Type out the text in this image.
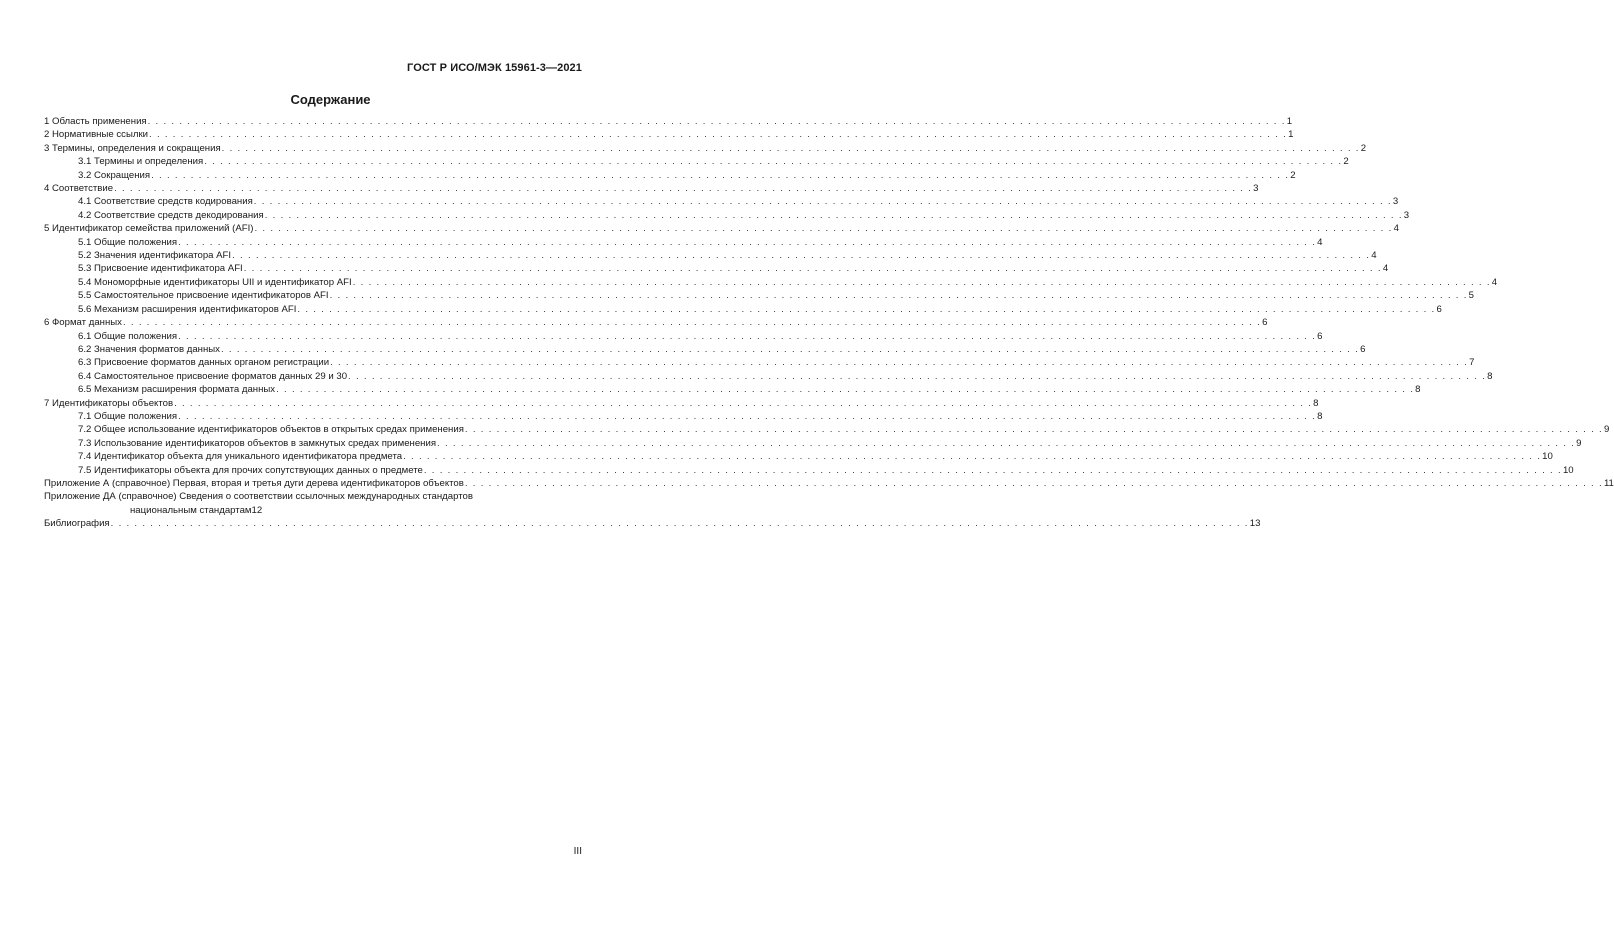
ГОСТ Р ИСО/МЭК 15961-3—2021
Содержание
1 Область применения . . .	1
2 Нормативные ссылки . . .	1
3 Термины, определения и сокращения . . .	2
3.1 Термины и определения . . .	2
3.2 Сокращения . . .	2
4 Соответствие . . .	3
4.1 Соответствие средств кодирования . . .	3
4.2 Соответствие средств декодирования . . .	3
5 Идентификатор семейства приложений (AFI) . . .	4
5.1 Общие положения . . .	4
5.2 Значения идентификатора AFI . . .	4
5.3 Присвоение идентификатора AFI . . .	4
5.4 Мономорфные идентификаторы UII и идентификатор AFI . . .	4
5.5 Самостоятельное присвоение идентификаторов AFI . . .	5
5.6 Механизм расширения идентификаторов AFI . . .	6
6 Формат данных . . .	6
6.1 Общие положения . . .	6
6.2 Значения форматов данных . . .	6
6.3 Присвоение форматов данных органом регистрации . . .	7
6.4 Самостоятельное присвоение форматов данных 29 и 30 . . .	8
6.5 Механизм расширения формата данных . . .	8
7 Идентификаторы объектов . . .	8
7.1 Общие положения . . .	8
7.2 Общее использование идентификаторов объектов в открытых средах применения . . .	9
7.3 Использование идентификаторов объектов в замкнутых средах применения . . .	9
7.4 Идентификатор объекта для уникального идентификатора предмета . . .	10
7.5 Идентификаторы объекта для прочих сопутствующих данных о предмете . . .	10
Приложение А (справочное) Первая, вторая и третья дуги дерева идентификаторов объектов . . .	11
Приложение ДА (справочное) Сведения о соответствии ссылочных международных стандартов
национальным стандартам 12
Библиография . . .	13
III
